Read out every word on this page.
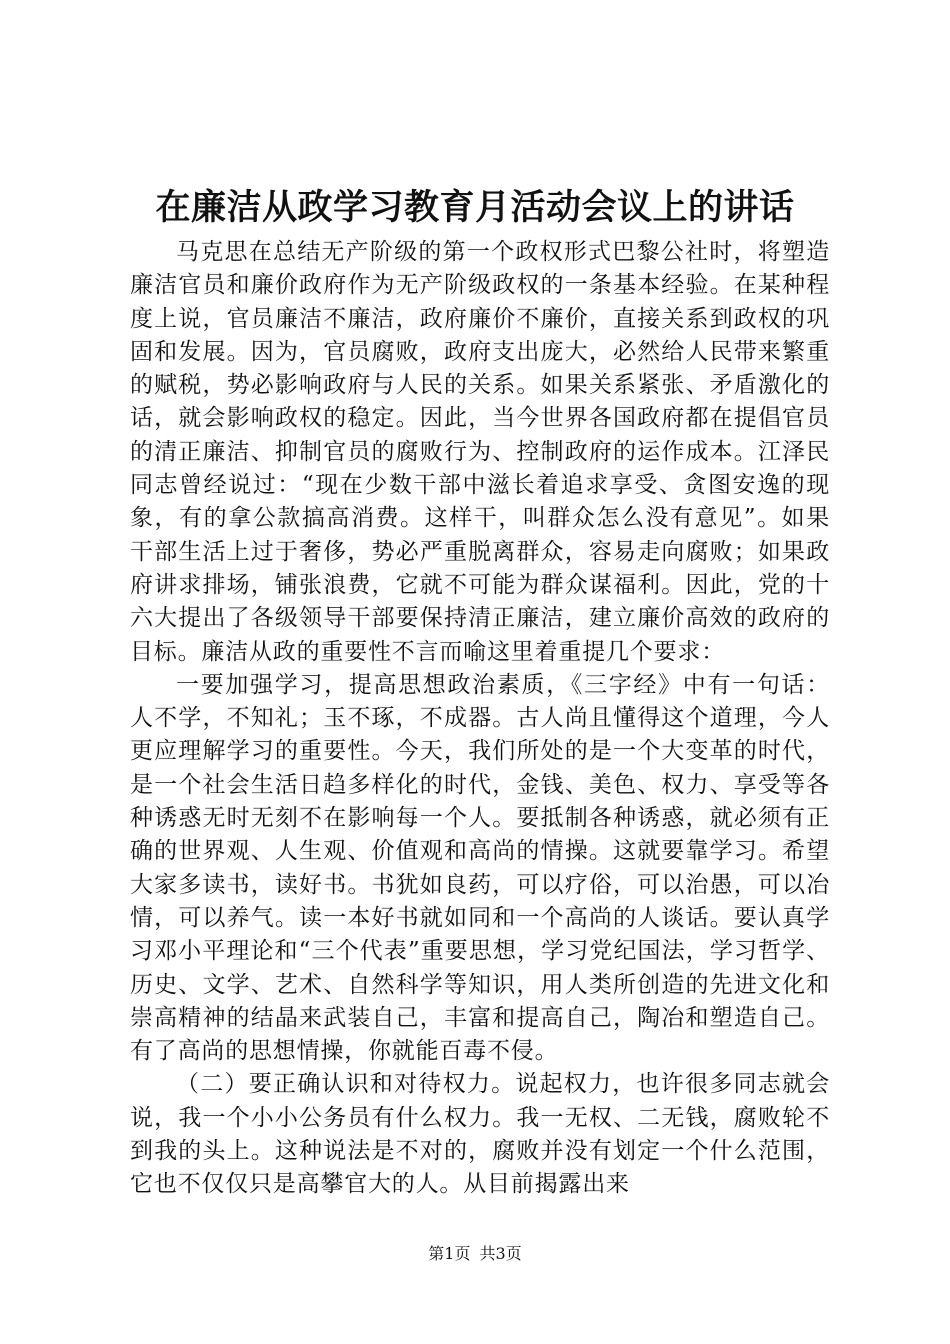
在廉洁从政学习教育月活动会议上的讲话

马克思在总结无产阶级的第一个政权形式巴黎公社时，将塑造廉洁官员和廉价政府作为无产阶级政权的一条基本经验。在某种程度上说，官员廉洁不廉洁，政府廉价不廉价，直接关系到政权的巩固和发展。因为，官员腐败，政府支出庞大，必然给人民带来繁重的赋税，势必影响政府与人民的关系。如果关系紧张、矛盾激化的话，就会影响政权的稳定。因此，当今世界各国政府都在提倡官员的清正廉洁、抑制官员的腐败行为、控制政府的运作成本。江泽民同志曾经说过：“现在少数干部中滋长着追求享受、贪图安逸的现象，有的拿公款搞高消费。这样干，叫群众怎么没有意见”。如果干部生活上过于奢侈，势必严重脱离群众，容易走向腐败；如果政府讲求排场，铺张浪费，它就不可能为群众谋福利。因此，党的十六大提出了各级领导干部要保持清正廉洁，建立廉价高效的政府的目标。廉洁从政的重要性不言而喻这里着重提几个要求：

一要加强学习，提高思想政治素质，《三字经》中有一句话：人不学，不知礼；玉不琢，不成器。古人尚且懂得这个道理，今人更应理解学习的重要性。今天，我们所处的是一个大变革的时代，是一个社会生活日趋多样化的时代，金钱、美色、权力、享受等各种诱惑无时无刻不在影响每一个人。要抵制各种诱惑，就必须有正确的世界观、人生观、价值观和高尚的情操。这就要靠学习。希望大家多读书，读好书。书犹如良药，可以疗俗，可以治愚，可以冶情，可以养气。读一本好书就如同和一个高尚的人谈话。要认真学习邓小平理论和“三个代表”重要思想，学习党纪国法，学习哲学、历史、文学、艺术、自然科学等知识，用人类所创造的先进文化和崇高精神的结晶来武装自己，丰富和提高自己，陶冶和塑造自己。有了高尚的思想情操，你就能百毒不侵。

（二）要正确认识和对待权力。说起权力，也许很多同志就会说，我一个小小公务员有什么权力。我一无权、二无钱，腐败轮不到我的头上。这种说法是不对的，腐败并没有划定一个什么范围，它也不仅仅只是高攀官大的人。从目前揭露出来

第1页 共3页
